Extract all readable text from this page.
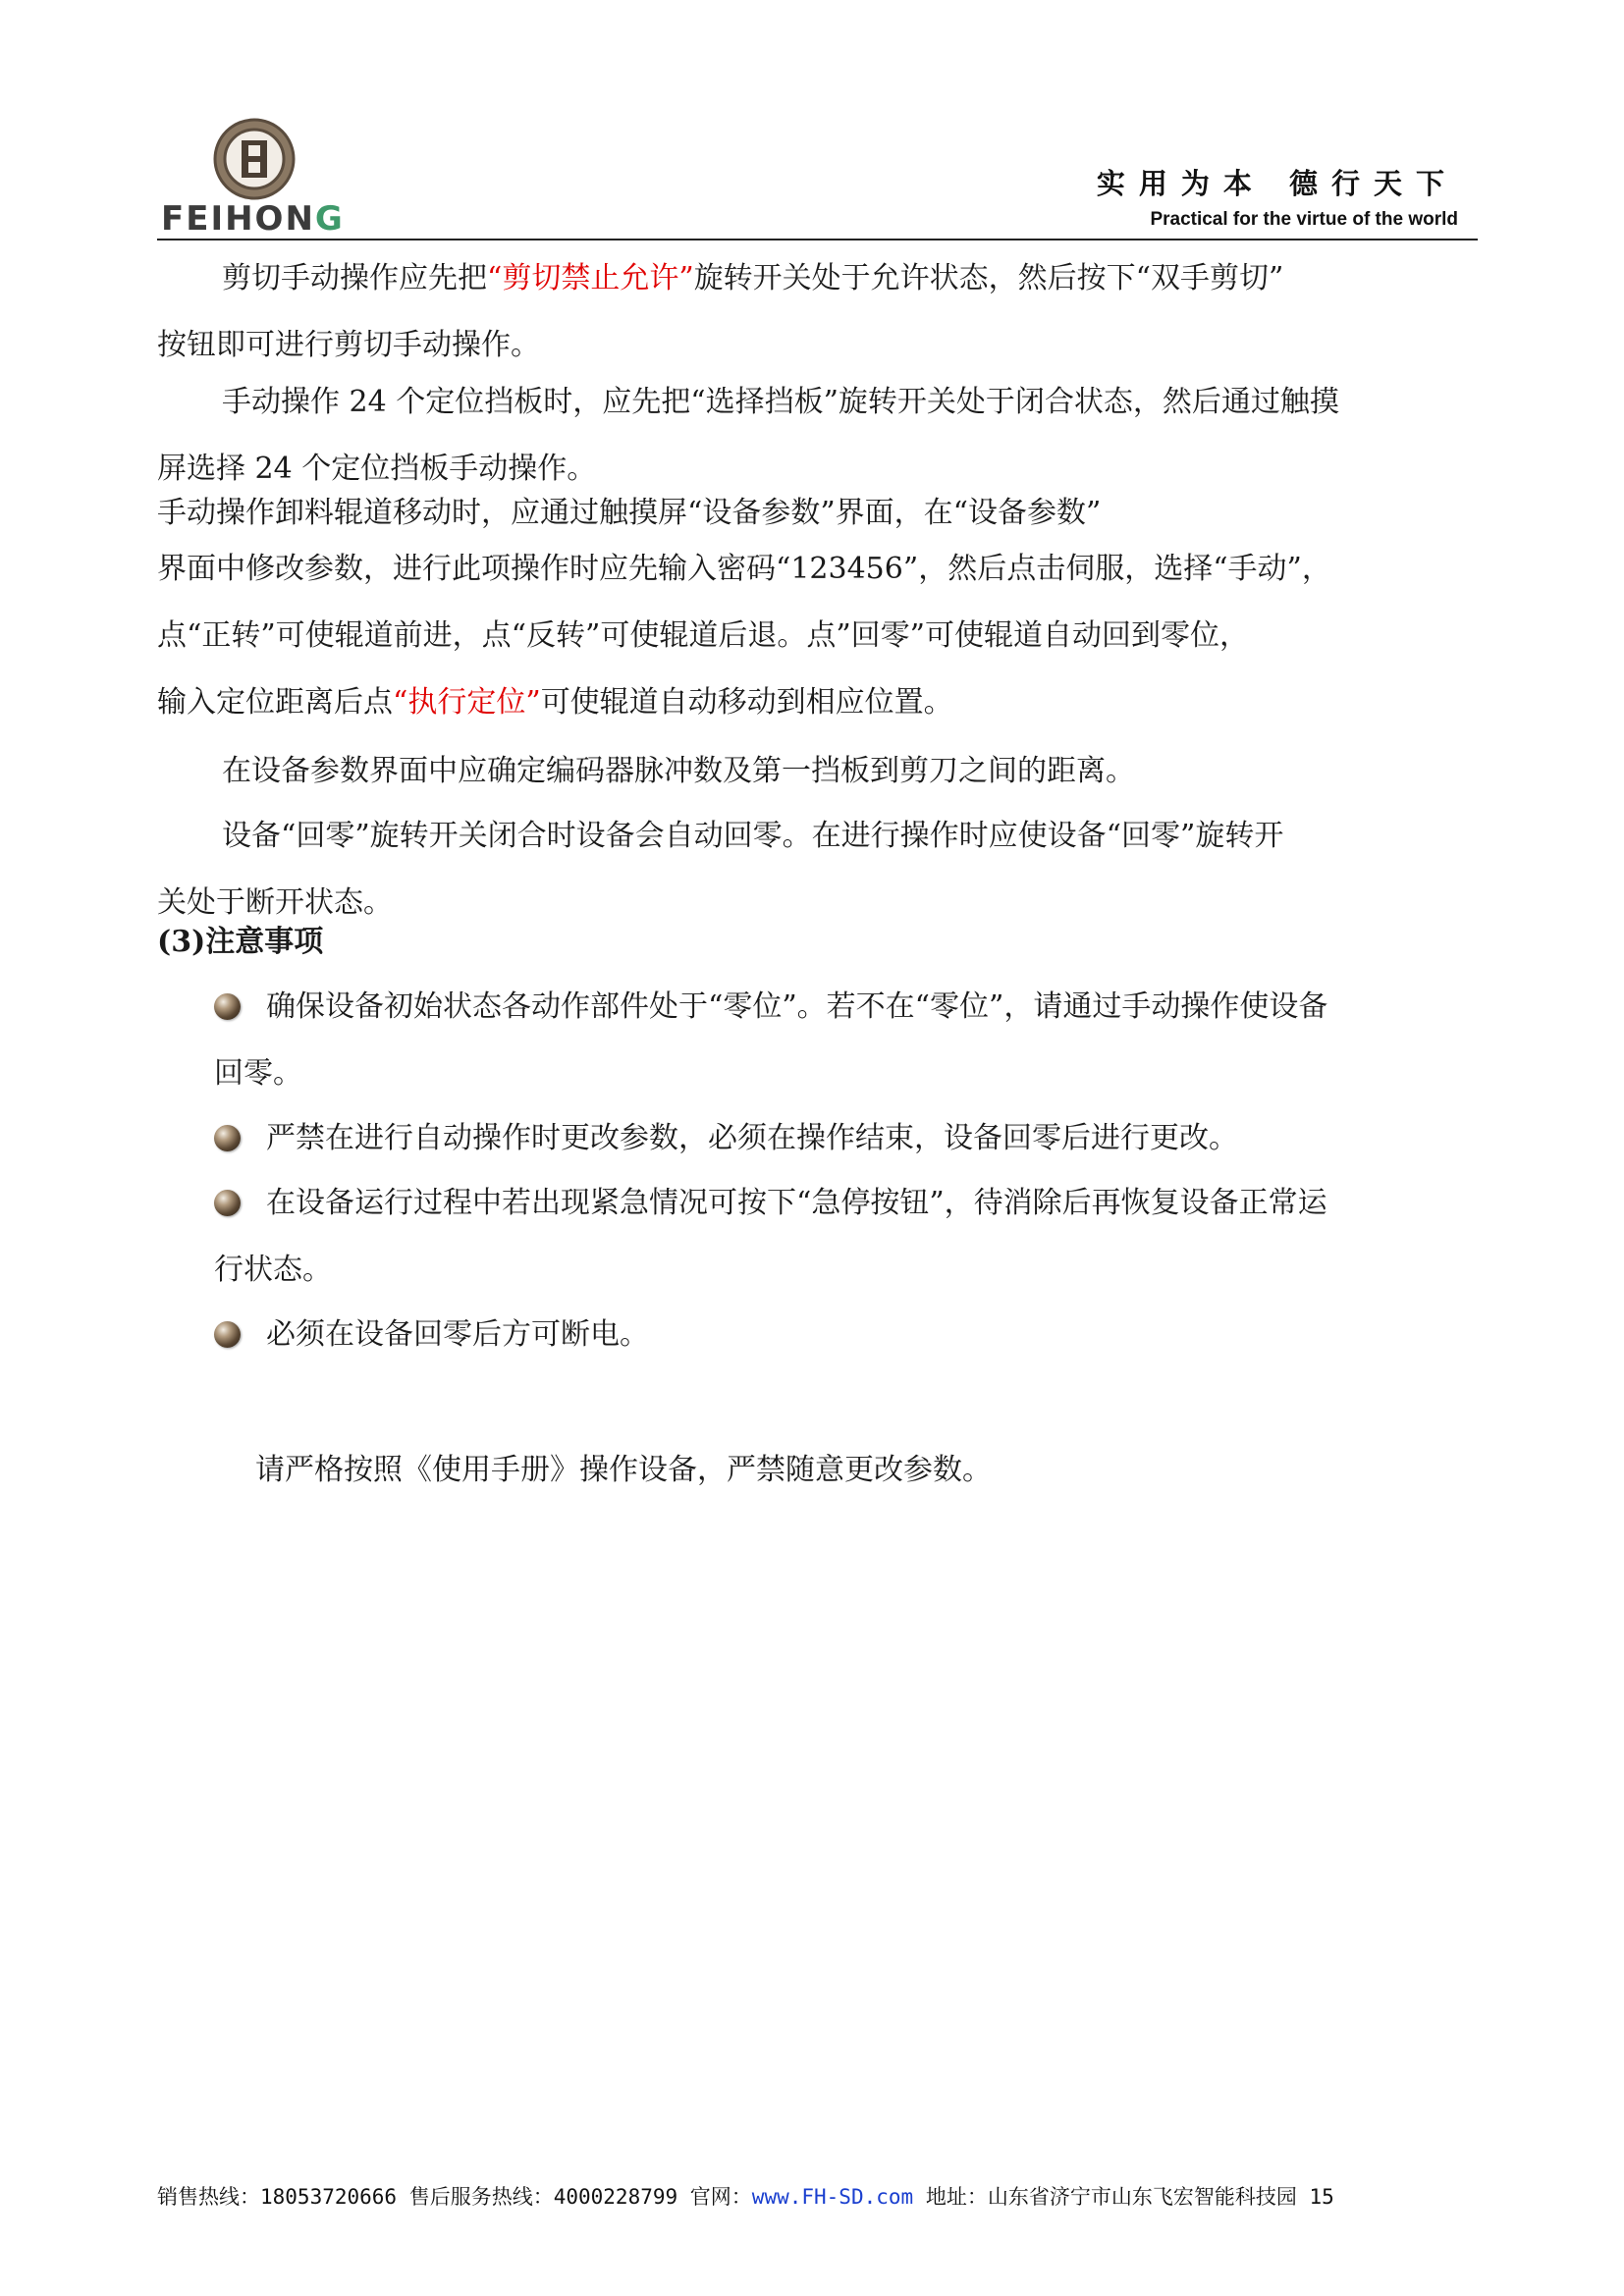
FEIHONG
实用为本 德行天下
Practical for the virtue of the world
剪切手动操作应先把“剪切禁止允许”旋转开关处于允许状态，然后按下“双手剪切”
按钮即可进行剪切手动操作。
手动操作 24 个定位挡板时，应先把“选择挡板”旋转开关处于闭合状态，然后通过触摸
屏选择 24 个定位挡板手动操作。
手动操作卸料辊道移动时，应通过触摸屏“设备参数”界面，在“设备参数”
界面中修改参数，进行此项操作时应先输入密码“123456”，然后点击伺服，选择“手动”，
点“正转”可使辊道前进，点“反转”可使辊道后退。点”回零”可使辊道自动回到零位，
输入定位距离后点“执行定位”可使辊道自动移动到相应位置。
在设备参数界面中应确定编码器脉冲数及第一挡板到剪刀之间的距离。
设备“回零”旋转开关闭合时设备会自动回零。在进行操作时应使设备“回零”旋转开
关处于断开状态。
(3)注意事项
确保设备初始状态各动作部件处于“零位”。若不在“零位”，请通过手动操作使设备
回零。
严禁在进行自动操作时更改参数，必须在操作结束，设备回零后进行更改。
在设备运行过程中若出现紧急情况可按下“急停按钮”，待消除后再恢复设备正常运
行状态。
必须在设备回零后方可断电。
请严格按照《使用手册》操作设备，严禁随意更改参数。
销售热线：18053720666 售后服务热线：4000228799 官网：www.FH-SD.com 地址：山东省济宁市山东飞宏智能科技园 15
